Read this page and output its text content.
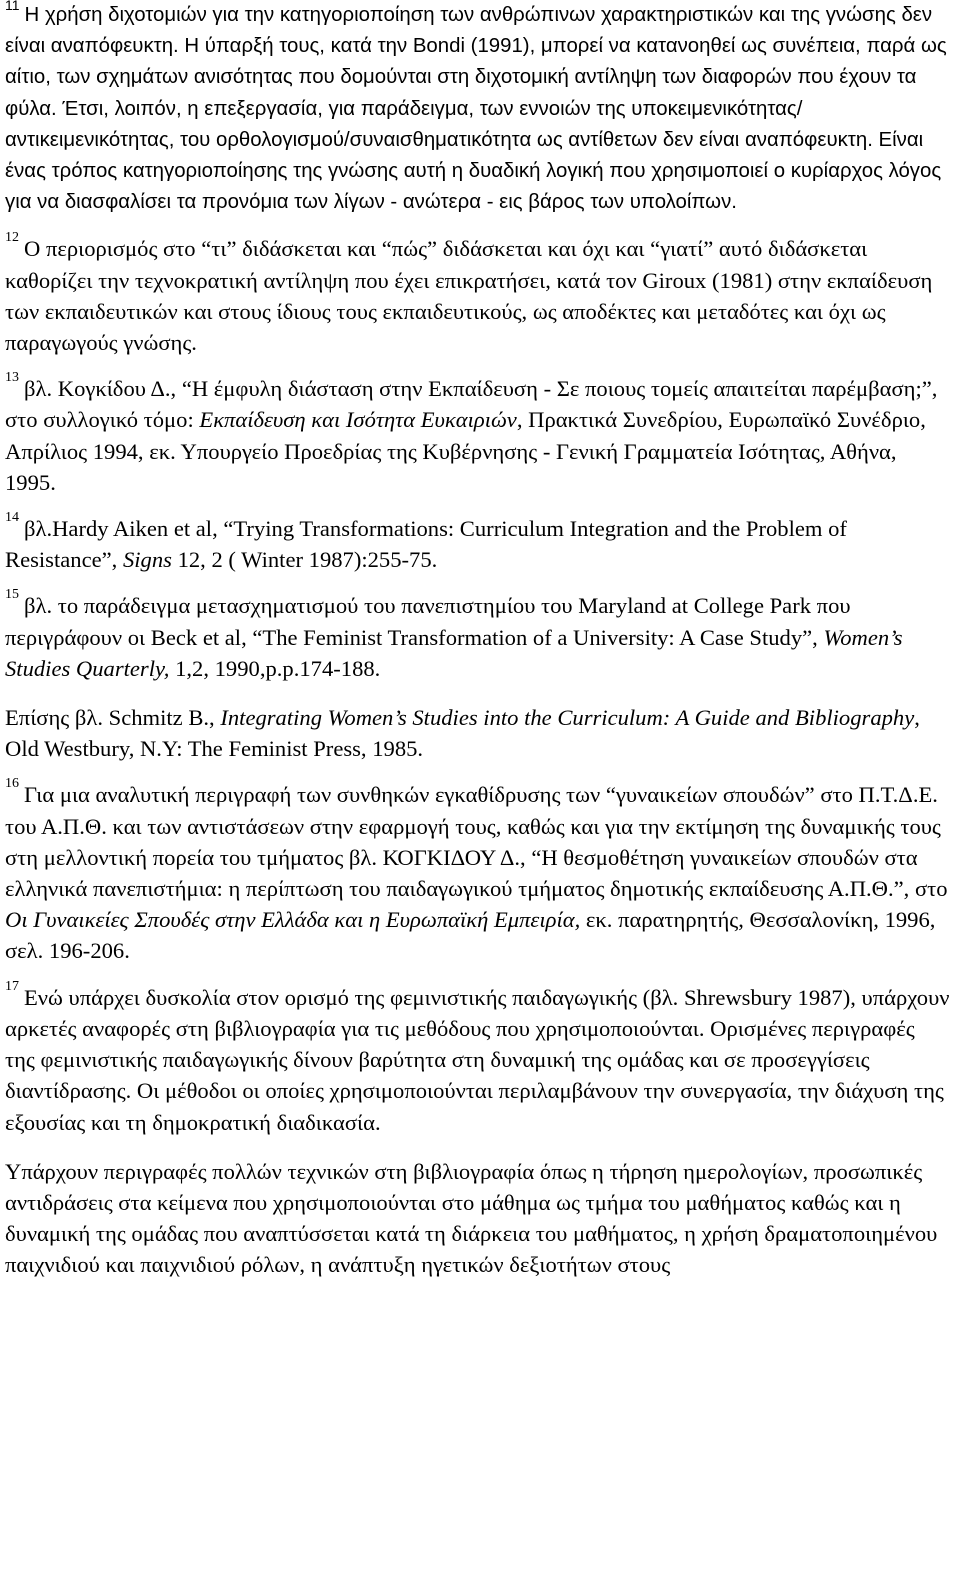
$^{11}$ Η χρήση διχοτομιών για την κατηγοριοποίηση των ανθρώπινων χαρακτηριστικών και της γνώσης δεν είναι αναπόφευκτη. Η ύπαρξή τους, κατά την Bondi (1991), μπορεί να κατανοηθεί ως συνέπεια, παρά ως αίτιο, των σχημάτων ανισότητας που δομούνται στη διχοτομική αντίληψη των διαφορών που έχουν τα φύλα. Έτσι, λοιπόν, η επεξεργασία, για παράδειγμα, των εννοιών της υποκειμενικότητας/αντικειμενικότητας, του ορθολογισμού/συναισθηματικότητα ως αντίθετων δεν είναι αναπόφευκτη. Είναι ένας τρόπος κατηγοριοποίησης της γνώσης αυτή η δυαδική λογική που χρησιμοποιεί ο κυρίαρχος λόγος για να διασφαλίσει τα προνόμια των λίγων - ανώτερα - εις βάρος των υπολοίπων.

$^{12}$ Ο περιορισμός στο “τι” διδάσκεται και “πώς” διδάσκεται και όχι και “γιατί” αυτό διδάσκεται καθορίζει την τεχνοκρατική αντίληψη που έχει επικρατήσει, κατά τον Giroux (1981) στην εκπαίδευση των εκπαιδευτικών και στους ίδιους τους εκπαιδευτικούς, ως αποδέκτες και μεταδότες και όχι ως παραγωγούς γνώσης.

$^{13}$ βλ. Κογκίδου Δ., “Η έμφυλη διάσταση στην Εκπαίδευση - Σε ποιους τομείς απαιτείται παρέμβαση;”, στο συλλογικό τόμο: Εκπαίδευση και Ισότητα Ευκαιριών, Πρακτικά Συνεδρίου, Ευρωπαϊκό Συνέδριο, Απρίλιος 1994, εκ. Υπουργείο Προεδρίας της Κυβέρνησης - Γενική Γραμματεία Ισότητας, Αθήνα, 1995.

$^{14}$ βλ.Hardy Aiken et al, “Trying Transformations: Curriculum Integration and the Problem of Resistance”, Signs 12, 2 ( Winter 1987):255-75.

$^{15}$ βλ. το παράδειγμα μετασχηματισμού του πανεπιστημίου του Maryland at College Park που περιγράφουν οι Beck et al, “The Feminist Transformation of a University: A Case Study”, Women’s Studies Quarterly, 1,2, 1990,p.p.174-188.

Επίσης βλ. Schmitz B., Integrating Women’s Studies into the Curriculum: A Guide and Bibliography, Old Westbury, N.Y: The Feminist Press, 1985.

$^{16}$ Για μια αναλυτική περιγραφή των συνθηκών εγκαθίδρυσης των “γυναικείων σπουδών” στο Π.Τ.Δ.Ε. του Α.Π.Θ. και των αντιστάσεων στην εφαρμογή τους, καθώς και για την εκτίμηση της δυναμικής τους στη μελλοντική πορεία του τμήματος βλ. ΚΟΓΚΙΔΟΥ Δ., “Η θεσμοθέτηση γυναικείων σπουδών στα ελληνικά πανεπιστήμια: η περίπτωση του παιδαγωγικού τμήματος δημοτικής εκπαίδευσης Α.Π.Θ.”, στο Οι Γυναικείες Σπουδές στην Ελλάδα και η Ευρωπαϊκή Εμπειρία, εκ. παρατηρητής, Θεσσαλονίκη, 1996, σελ. 196-206.

$^{17}$ Ενώ υπάρχει δυσκολία στον ορισμό της φεμινιστικής παιδαγωγικής (βλ. Shrewsbury 1987), υπάρχουν αρκετές αναφορές στη βιβλιογραφία για τις μεθόδους που χρησιμοποιούνται. Ορισμένες περιγραφές της φεμινιστικής παιδαγωγικής δίνουν βαρύτητα στη δυναμική της ομάδας και σε προσεγγίσεις διαντίδρασης. Οι μέθοδοι οι οποίες χρησιμοποιούνται περιλαμβάνουν την συνεργασία, την διάχυση της εξουσίας και τη δημοκρατική διαδικασία.

Υπάρχουν περιγραφές πολλών τεχνικών στη βιβλιογραφία όπως η τήρηση ημερολογίων, προσωπικές αντιδράσεις στα κείμενα που χρησιμοποιούνται στο μάθημα ως τμήμα του μαθήματος καθώς και η δυναμική της ομάδας που αναπτύσσεται κατά τη διάρκεια του μαθήματος, η χρήση δραματοποιημένου παιχνιδιού και παιχνιδιού ρόλων, η ανάπτυξη ηγετικών δεξιοτήτων στους
